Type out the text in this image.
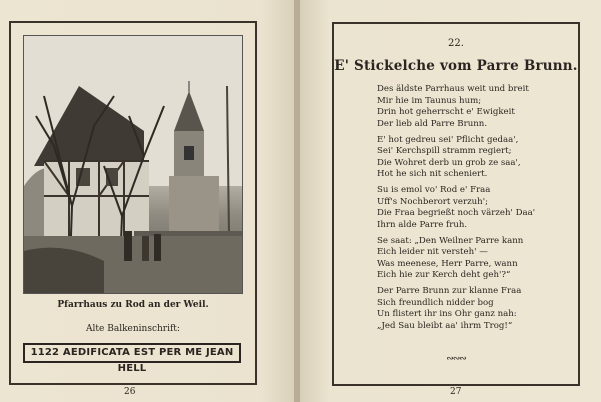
Pfarrhaus zu Rod an der Weil.
Alte Balkeninschrift:
1122 AEDIFICATA EST PER ME JEAN HELL
26
22.
E' Stickelche vom Parre Brunn.
Des äldste Parrhaus weit und breit
Mir hie im Taunus hum;
Drin hot geherrscht e' Ewigkeit
Der lieb ald Parre Brunn.
E' hot gedreu sei' Pflicht gedaa',
Sei' Kerchspill stramm regiert;
Die Wohret derb un grob ze saa',
Hot he sich nit scheniert.
Su is emol vo' Rod e' Fraa
Uff's Nochberort verzuh';
Die Fraa begrießt noch värzeh' Daa'
Ihrn alde Parre fruh.
Se saat: „Den Weilner Parre kann
Eich leider nit versteh' —
Was meenese, Herr Parre, wann
Eich hie zur Kerch deht geh'?“
Der Parre Brunn zur klanne Fraa
Sich freundlich nidder bog
Un flistert ihr ins Ohr ganz nah:
„Jed Sau bleibt aa' ihrm Trog!“
∾∾∾
27
